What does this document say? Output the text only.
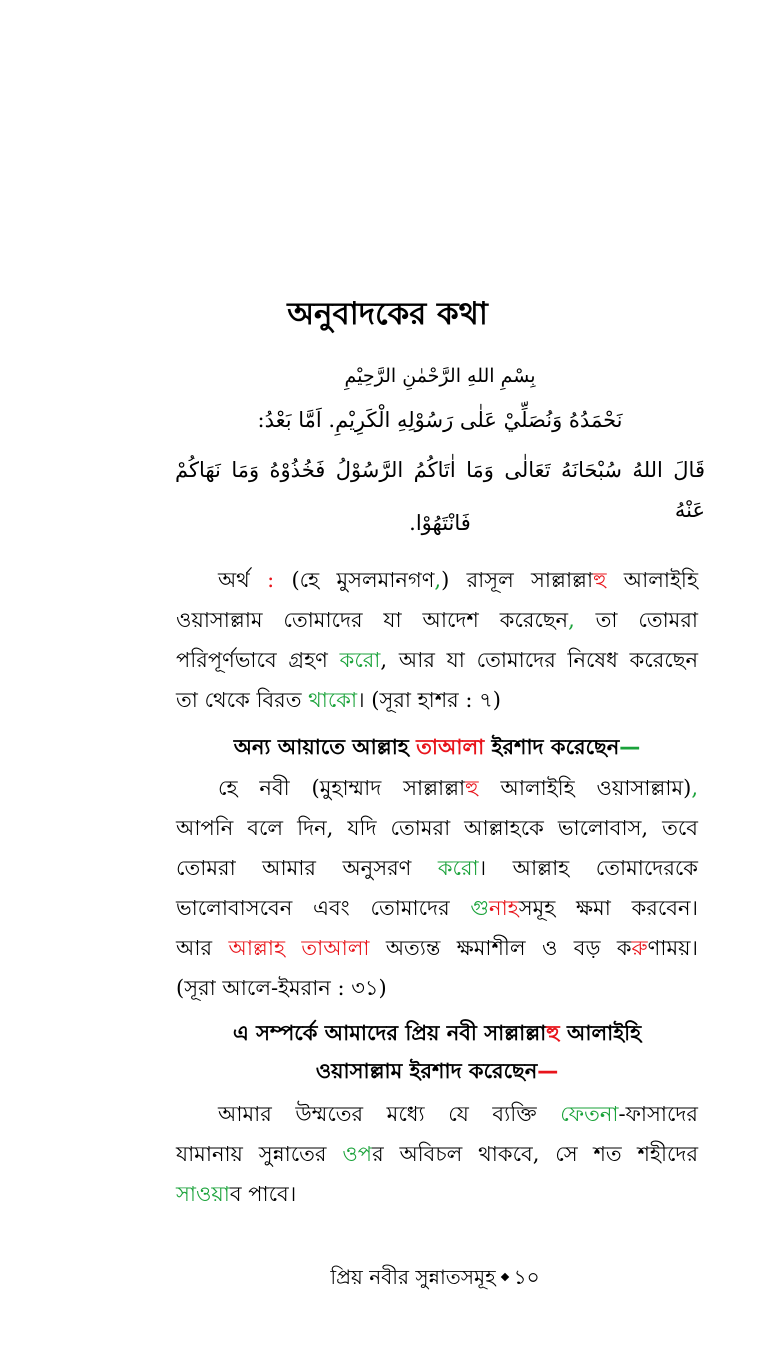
অনুবাদকের কথা
بِسْمِ اللهِ الرَّحْمٰنِ الرَّحِيْمِ
نَحْمَدُهُ وَنُصَلِّيْ عَلٰى رَسُوْلِهِ الْكَرِيْمِ. اَمَّا بَعْدُ:
قَالَ اللهُ سُبْحَانَهُ تَعَالٰى وَمَا اٰتَاكُمُ الرَّسُوْلُ فَخُذُوْهُ وَمَا نَهَاكُمْ عَنْهُ
فَانْتَهُوْا.
অর্থ : (হে মুসলমানগণ,) রাসূল সাল্লাল্লাহু আলাইহি
ওয়াসাল্লাম তোমাদের যা আদেশ করেছেন, তা তোমরা
পরিপূর্ণভাবে গ্রহণ করো, আর যা তোমাদের নিষেধ করেছেন
তা থেকে বিরত থাকো। (সূরা হাশর : ৭)
অন্য আয়াতে আল্লাহ তাআলা ইরশাদ করেছেন—
হে নবী (মুহাম্মাদ সাল্লাল্লাহু আলাইহি ওয়াসাল্লাম),
আপনি বলে দিন, যদি তোমরা আল্লাহকে ভালোবাস, তবে
তোমরা আমার অনুসরণ করো। আল্লাহ তোমাদেরকে
ভালোবাসবেন এবং তোমাদের গুনাহসমূহ ক্ষমা করবেন।
আর আল্লাহ তাআলা অত্যন্ত ক্ষমাশীল ও বড় করুণাময়।
(সূরা আলে-ইমরান : ৩১)
এ সম্পর্কে আমাদের প্রিয় নবী সাল্লাল্লাহু আলাইহি
ওয়াসাল্লাম ইরশাদ করেছেন—
আমার উম্মতের মধ্যে যে ব্যক্তি ফেতনা-ফাসাদের
যামানায় সুন্নাতের ওপর অবিচল থাকবে, সে শত শহীদের
সাওয়াব পাবে।
প্রিয় নবীর সুন্নাতসমূহ ১০
